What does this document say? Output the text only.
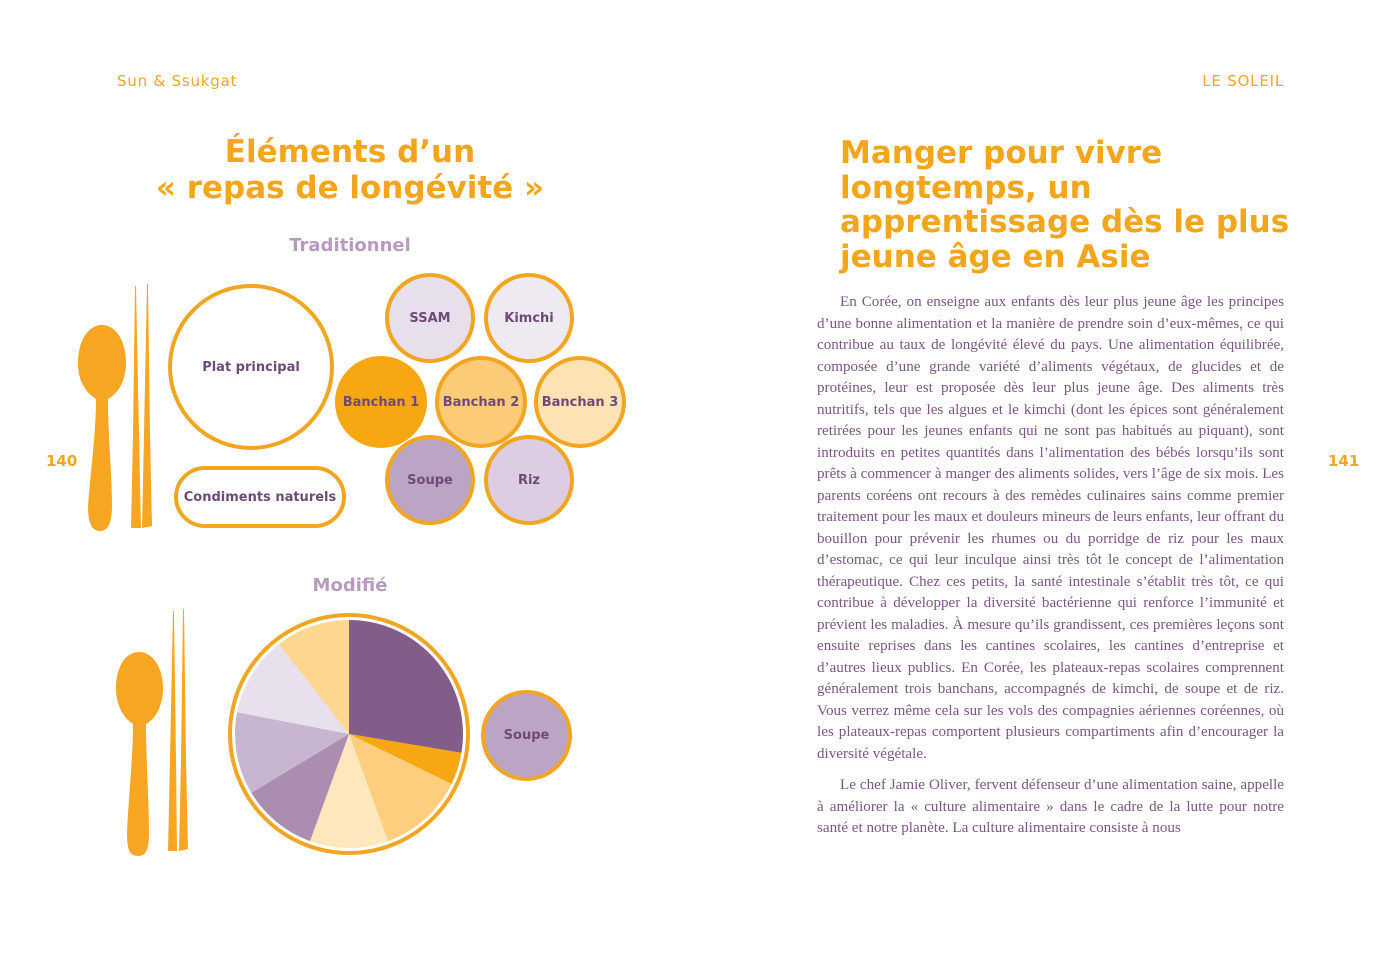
Sun & Ssukgat
140
Éléments d’un
« repas de longévité »
Traditionnel
Plat principal
Condiments naturels
SSAM	Kimchi
Banchan 1 Banchan 2 Banchan 3
Soupe	Riz
Modifié
Soupe
LE SOLEIL
141
Manger pour vivre longtemps, un apprentissage dès le plus jeune âge en Asie

En Corée, on enseigne aux enfants dès leur plus jeune âge les principes d’une bonne alimentation et la manière de prendre soin d’eux-mêmes, ce qui contribue au taux de longévité élevé du pays. Une alimentation équilibrée, composée d’une grande variété d’aliments végétaux, de glucides et de protéines, leur est proposée dès leur plus jeune âge. Des aliments très nutritifs, tels que les algues et le kimchi (dont les épices sont généralement retirées pour les jeunes enfants qui ne sont pas habitués au piquant), sont introduits en petites quantités dans l’alimentation des bébés lorsqu’ils sont prêts à commencer à manger des aliments solides, vers l’âge de six mois. Les parents coréens ont recours à des remèdes culinaires sains comme premier traitement pour les maux et douleurs mineurs de leurs enfants, leur offrant du bouillon pour prévenir les rhumes ou du porridge de riz pour les maux d’estomac, ce qui leur inculque ainsi très tôt le concept de l’alimentation thérapeutique. Chez ces petits, la santé intestinale s’établit très tôt, ce qui contribue à développer la diversité bactérienne qui renforce l’immunité et prévient les maladies. À mesure qu’ils grandissent, ces premières leçons sont ensuite reprises dans les cantines scolaires, les cantines d’entreprise et d’autres lieux publics. En Corée, les plateaux-repas scolaires comprennent généralement trois banchans, accompagnés de kimchi, de soupe et de riz. Vous verrez même cela sur les vols des compagnies aériennes coréennes, où les plateaux-repas comportent plusieurs compartiments afin d’encourager la diversité végétale.

Le chef Jamie Oliver, fervent défenseur d’une alimentation saine, appelle à améliorer la « culture alimentaire » dans le cadre de la lutte pour notre santé et notre planète. La culture alimentaire consiste à nous
